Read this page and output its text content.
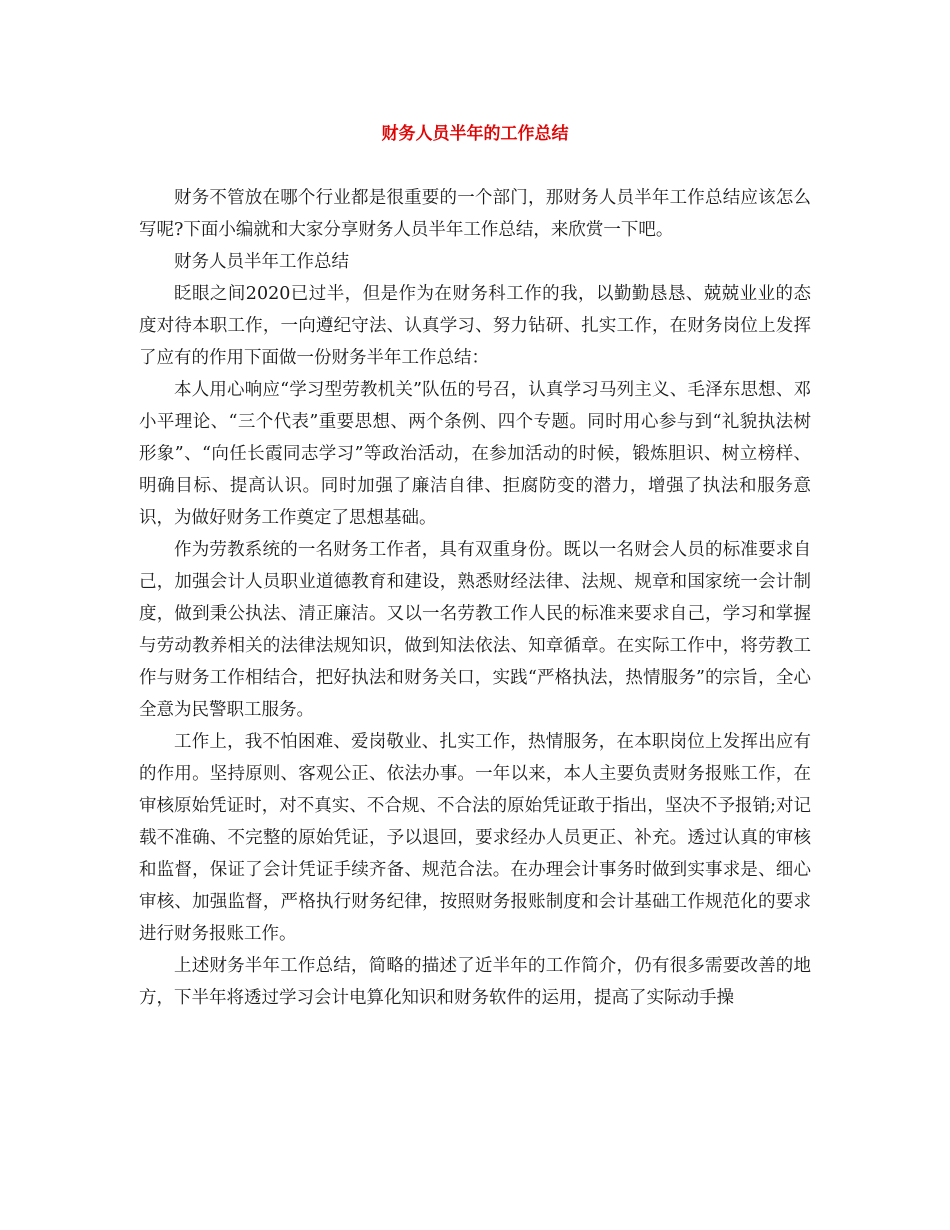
财务人员半年的工作总结

财务不管放在哪个行业都是很重要的一个部门，那财务人员半年工作总结应该怎么写呢?下面小编就和大家分享财务人员半年工作总结，来欣赏一下吧。

财务人员半年工作总结

眨眼之间2020已过半，但是作为在财务科工作的我，以勤勤恳恳、兢兢业业的态度对待本职工作，一向遵纪守法、认真学习、努力钻研、扎实工作，在财务岗位上发挥了应有的作用下面做一份财务半年工作总结：

本人用心响应“学习型劳教机关”队伍的号召，认真学习马列主义、毛泽东思想、邓小平理论、“三个代表”重要思想、两个条例、四个专题。同时用心参与到“礼貌执法树形象”、“向任长霞同志学习”等政治活动，在参加活动的时候，锻炼胆识、树立榜样、明确目标、提高认识。同时加强了廉洁自律、拒腐防变的潜力，增强了执法和服务意识，为做好财务工作奠定了思想基础。

作为劳教系统的一名财务工作者，具有双重身份。既以一名财会人员的标准要求自己，加强会计人员职业道德教育和建设，熟悉财经法律、法规、规章和国家统一会计制度，做到秉公执法、清正廉洁。又以一名劳教工作人民的标准来要求自己，学习和掌握与劳动教养相关的法律法规知识，做到知法依法、知章循章。在实际工作中，将劳教工作与财务工作相结合，把好执法和财务关口，实践“严格执法，热情服务”的宗旨，全心全意为民警职工服务。

工作上，我不怕困难、爱岗敬业、扎实工作，热情服务，在本职岗位上发挥出应有的作用。坚持原则、客观公正、依法办事。一年以来，本人主要负责财务报账工作，在审核原始凭证时，对不真实、不合规、不合法的原始凭证敢于指出，坚决不予报销;对记载不准确、不完整的原始凭证，予以退回，要求经办人员更正、补充。透过认真的审核和监督，保证了会计凭证手续齐备、规范合法。在办理会计事务时做到实事求是、细心审核、加强监督，严格执行财务纪律，按照财务报账制度和会计基础工作规范化的要求进行财务报账工作。

上述财务半年工作总结，简略的描述了近半年的工作简介，仍有很多需要改善的地方，下半年将透过学习会计电算化知识和财务软件的运用，提高了实际动手操
